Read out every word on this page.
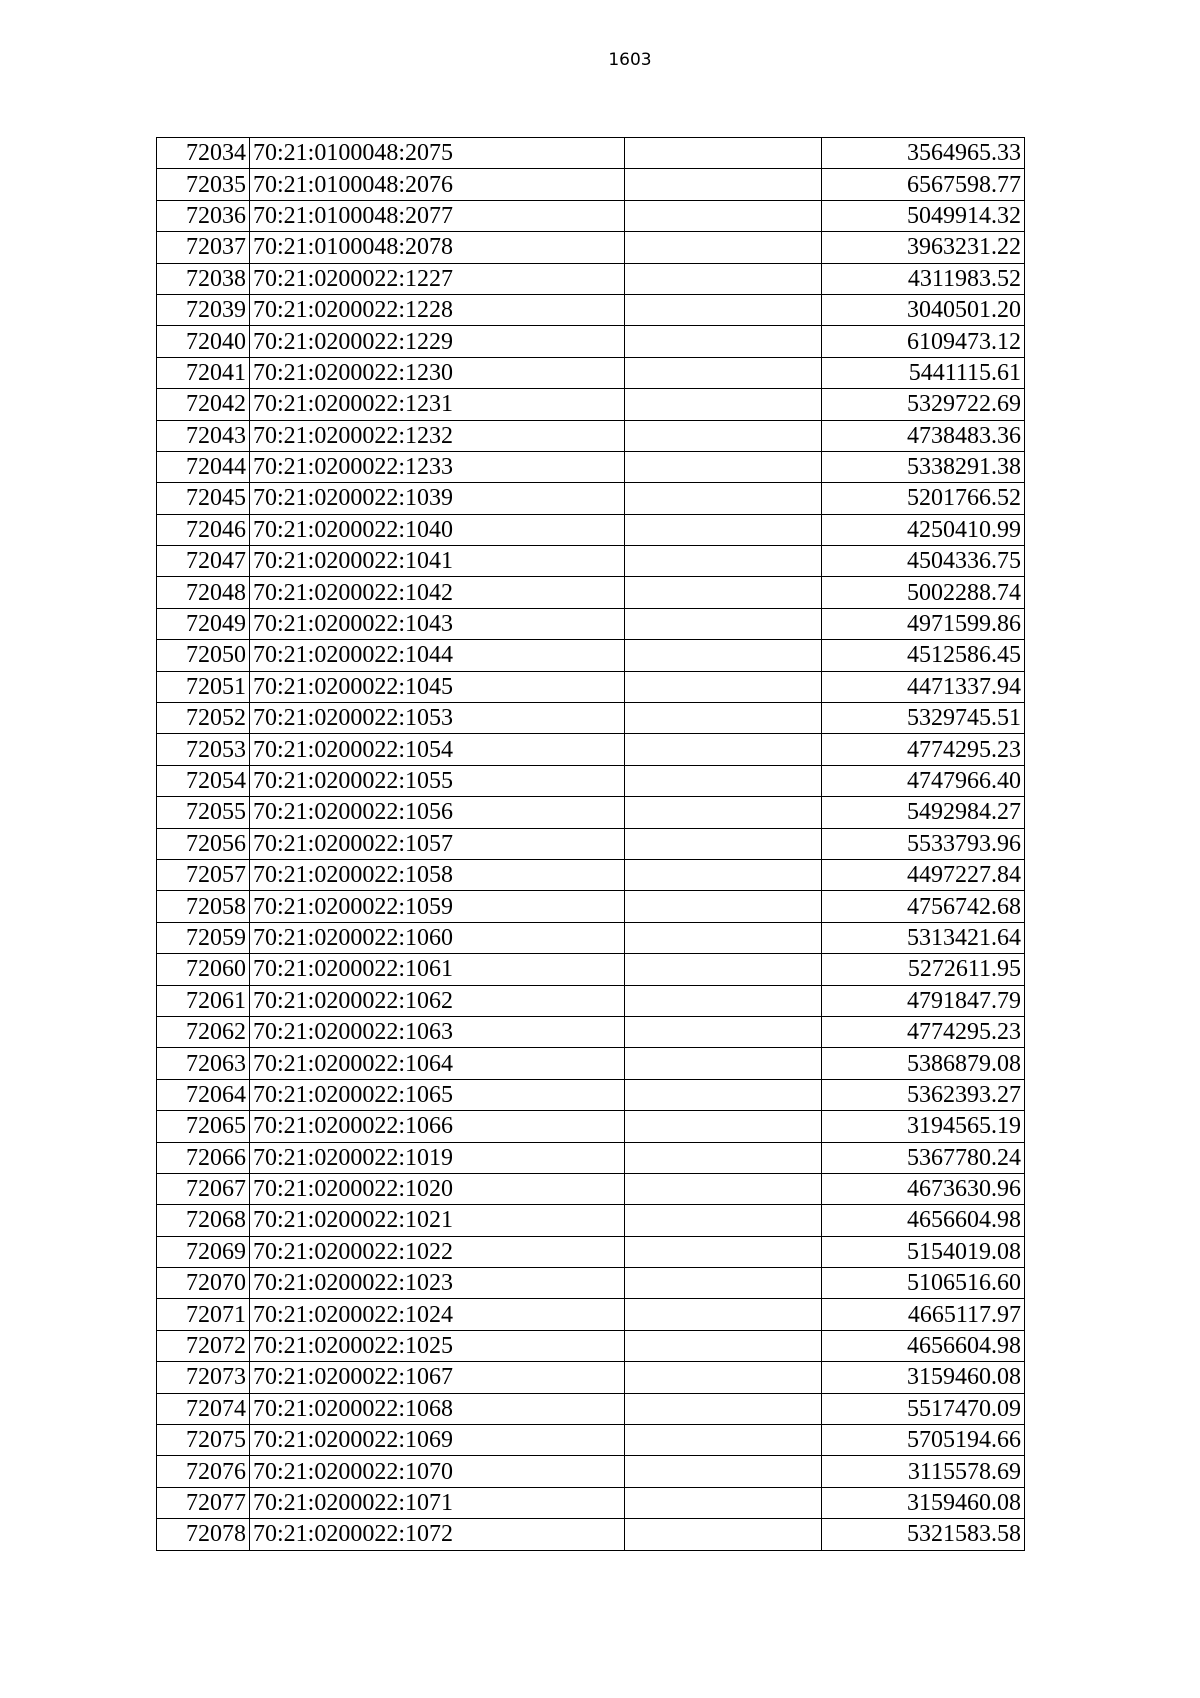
1603
72034	70:21:0100048:2075		3564965.33
72035	70:21:0100048:2076		6567598.77
72036	70:21:0100048:2077		5049914.32
72037	70:21:0100048:2078		3963231.22
72038	70:21:0200022:1227		4311983.52
72039	70:21:0200022:1228		3040501.20
72040	70:21:0200022:1229		6109473.12
72041	70:21:0200022:1230		5441115.61
72042	70:21:0200022:1231		5329722.69
72043	70:21:0200022:1232		4738483.36
72044	70:21:0200022:1233		5338291.38
72045	70:21:0200022:1039		5201766.52
72046	70:21:0200022:1040		4250410.99
72047	70:21:0200022:1041		4504336.75
72048	70:21:0200022:1042		5002288.74
72049	70:21:0200022:1043		4971599.86
72050	70:21:0200022:1044		4512586.45
72051	70:21:0200022:1045		4471337.94
72052	70:21:0200022:1053		5329745.51
72053	70:21:0200022:1054		4774295.23
72054	70:21:0200022:1055		4747966.40
72055	70:21:0200022:1056		5492984.27
72056	70:21:0200022:1057		5533793.96
72057	70:21:0200022:1058		4497227.84
72058	70:21:0200022:1059		4756742.68
72059	70:21:0200022:1060		5313421.64
72060	70:21:0200022:1061		5272611.95
72061	70:21:0200022:1062		4791847.79
72062	70:21:0200022:1063		4774295.23
72063	70:21:0200022:1064		5386879.08
72064	70:21:0200022:1065		5362393.27
72065	70:21:0200022:1066		3194565.19
72066	70:21:0200022:1019		5367780.24
72067	70:21:0200022:1020		4673630.96
72068	70:21:0200022:1021		4656604.98
72069	70:21:0200022:1022		5154019.08
72070	70:21:0200022:1023		5106516.60
72071	70:21:0200022:1024		4665117.97
72072	70:21:0200022:1025		4656604.98
72073	70:21:0200022:1067		3159460.08
72074	70:21:0200022:1068		5517470.09
72075	70:21:0200022:1069		5705194.66
72076	70:21:0200022:1070		3115578.69
72077	70:21:0200022:1071		3159460.08
72078	70:21:0200022:1072		5321583.58
